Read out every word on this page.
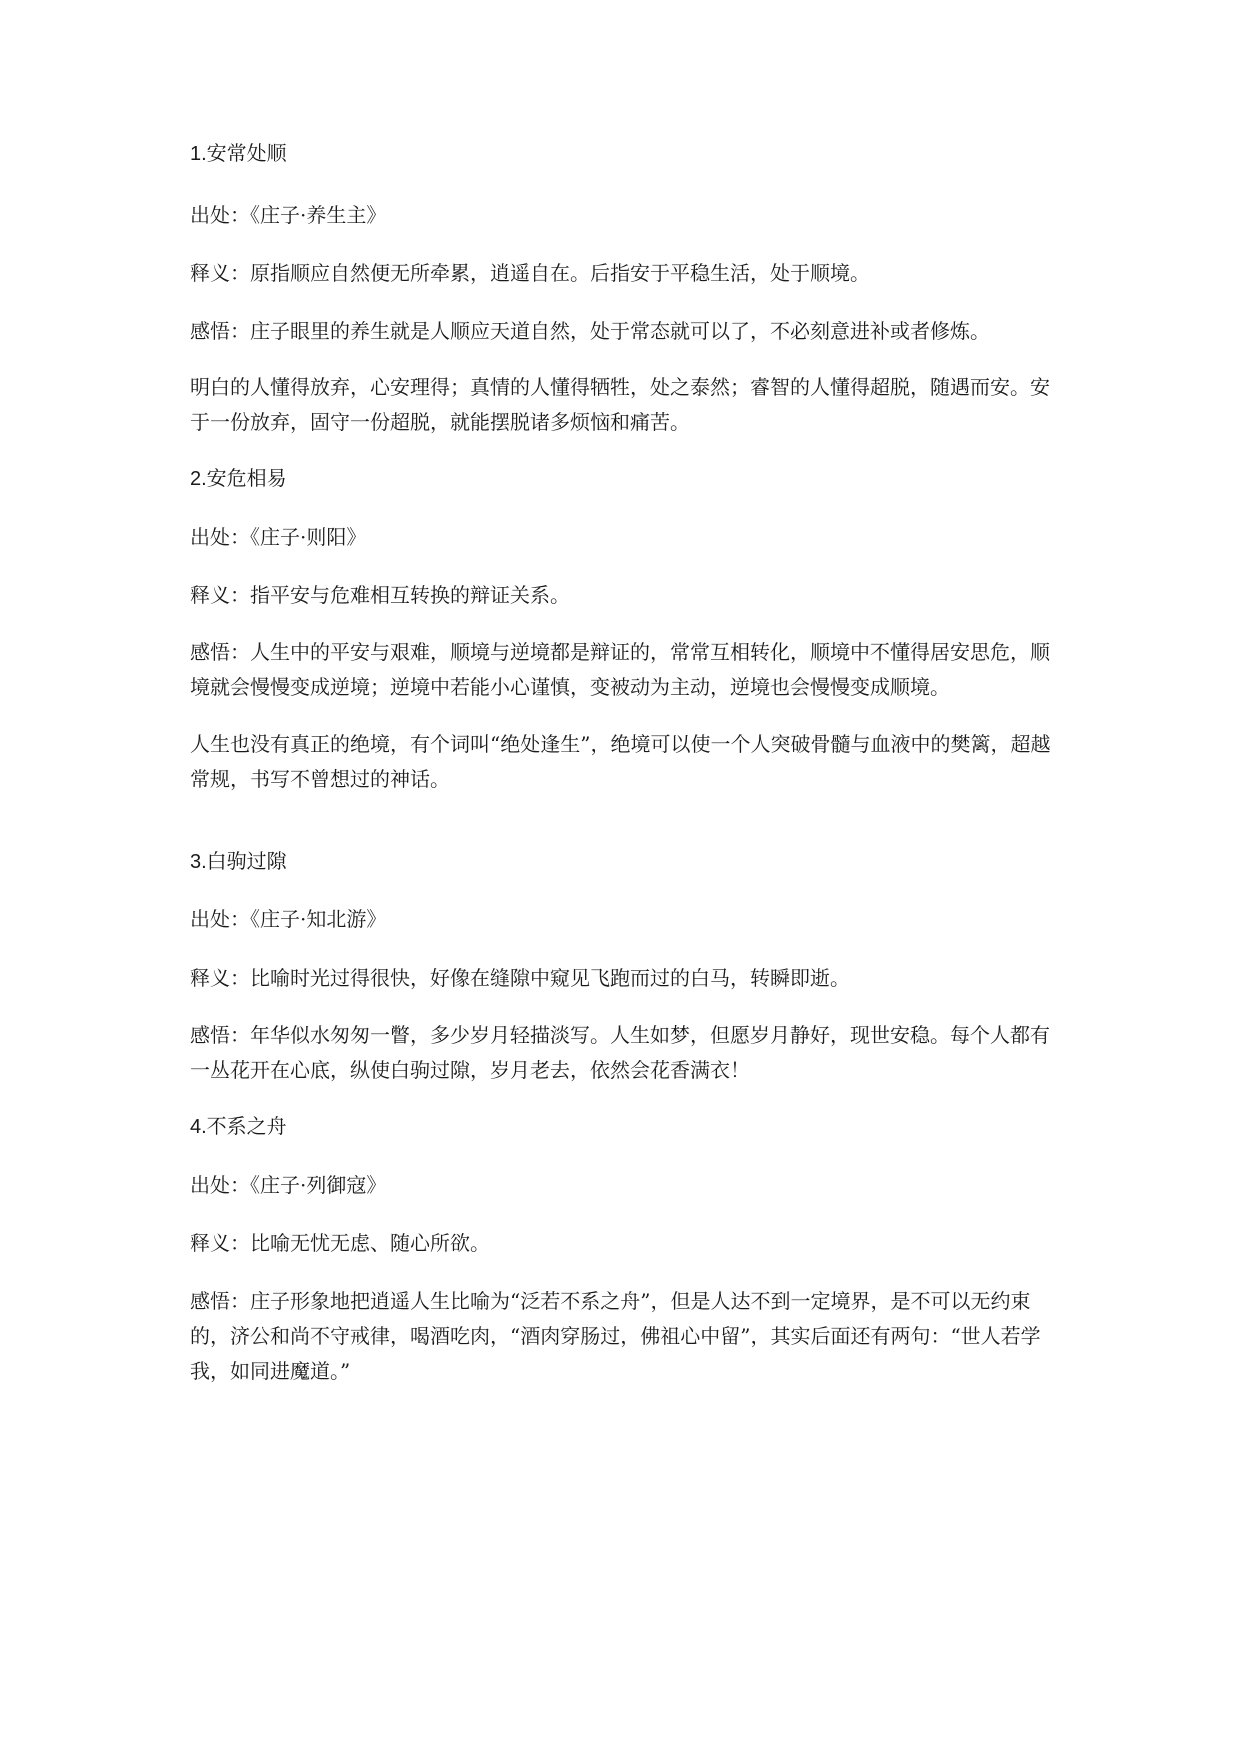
1.安常处顺

出处：《庄子·养生主》

释义：原指顺应自然便无所牵累，逍遥自在。后指安于平稳生活，处于顺境。

感悟：庄子眼里的养生就是人顺应天道自然，处于常态就可以了，不必刻意进补或者修炼。

明白的人懂得放弃，心安理得；真情的人懂得牺牲，处之泰然；睿智的人懂得超脱，随遇而安。安于一份放弃，固守一份超脱，就能摆脱诸多烦恼和痛苦。

2.安危相易

出处：《庄子·则阳》

释义：指平安与危难相互转换的辩证关系。

感悟：人生中的平安与艰难，顺境与逆境都是辩证的，常常互相转化，顺境中不懂得居安思危，顺境就会慢慢变成逆境；逆境中若能小心谨慎，变被动为主动，逆境也会慢慢变成顺境。

人生也没有真正的绝境，有个词叫“绝处逢生”，绝境可以使一个人突破骨髓与血液中的樊篱，超越常规，书写不曾想过的神话。

3.白驹过隙

出处：《庄子·知北游》

释义：比喻时光过得很快，好像在缝隙中窥见飞跑而过的白马，转瞬即逝。

感悟：年华似水匆匆一瞥，多少岁月轻描淡写。人生如梦，但愿岁月静好，现世安稳。每个人都有一丛花开在心底，纵使白驹过隙，岁月老去，依然会花香满衣！

4.不系之舟

出处：《庄子·列御寇》

释义：比喻无忧无虑、随心所欲。

感悟：庄子形象地把逍遥人生比喻为“泛若不系之舟”，但是人达不到一定境界，是不可以无约束的，济公和尚不守戒律，喝酒吃肉，“酒肉穿肠过，佛祖心中留”，其实后面还有两句：“世人若学我，如同进魔道。”
